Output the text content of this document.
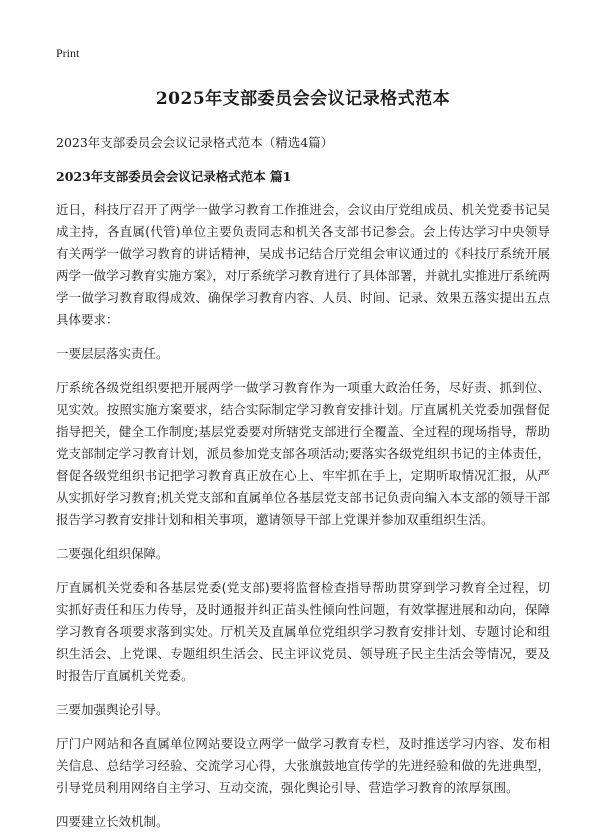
Print
2025年支部委员会会议记录格式范本
2023年支部委员会会议记录格式范本（精选4篇）
2023年支部委员会会议记录格式范本 篇1

近日，科技厅召开了两学一做学习教育工作推进会，会议由厅党组成员、机关党委书记吴成主持，各直属(代管)单位主要负责同志和机关各支部书记参会。会上传达学习中央领导有关两学一做学习教育的讲话精神，吴成书记结合厅党组会审议通过的《科技厅系统开展两学一做学习教育实施方案》，对厅系统学习教育进行了具体部署，并就扎实推进厅系统两学一做学习教育取得成效、确保学习教育内容、人员、时间、记录、效果五落实提出五点具体要求：

一要层层落实责任。

厅系统各级党组织要把开展两学一做学习教育作为一项重大政治任务，尽好责、抓到位、见实效。按照实施方案要求，结合实际制定学习教育安排计划。厅直属机关党委加强督促指导把关，健全工作制度;基层党委要对所辖党支部进行全覆盖、全过程的现场指导，帮助党支部制定学习教育计划，派员参加党支部各项活动;要落实各级党组织书记的主体责任，督促各级党组织书记把学习教育真正放在心上、牢牢抓在手上，定期听取情况汇报，从严从实抓好学习教育;机关党支部和直属单位各基层党支部书记负责向编入本支部的领导干部报告学习教育安排计划和相关事项，邀请领导干部上党课并参加双重组织生活。

二要强化组织保障。

厅直属机关党委和各基层党委(党支部)要将监督检查指导帮助贯穿到学习教育全过程，切实抓好责任和压力传导，及时通报并纠正苗头性倾向性问题，有效掌握进展和动向，保障学习教育各项要求落到实处。厅机关及直属单位党组织学习教育安排计划、专题讨论和组织生活会、上党课、专题组织生活会、民主评议党员、领导班子民主生活会等情况，要及时报告厅直属机关党委。

三要加强舆论引导。

厅门户网站和各直属单位网站要设立两学一做学习教育专栏，及时推送学习内容、发布相关信息、总结学习经验、交流学习心得，大张旗鼓地宣传学的先进经验和做的先进典型，引导党员利用网络自主学习、互动交流，强化舆论引导、营造学习教育的浓厚氛围。

四要建立长效机制。
